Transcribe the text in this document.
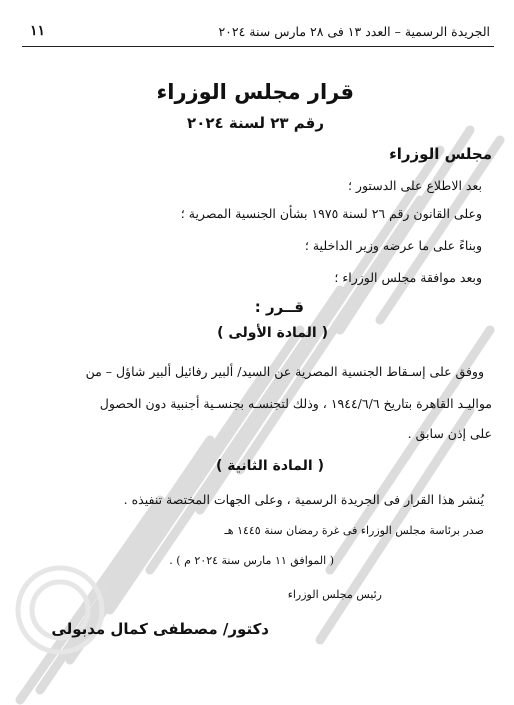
الجريدة الرسمية – العدد ١٣ فى ٢٨ مارس سنة ٢٠٢٤
١١
قرار مجلس الوزراء
رقم ٢٣ لسنة ٢٠٢٤
مجلس الوزراء
بعد الاطلاع على الدستور ؛
وعلى القانون رقم ٢٦ لسنة ١٩٧٥ بشأن الجنسية المصرية ؛
وبناءً على ما عرضه وزير الداخلية ؛
وبعد موافقة مجلس الوزراء ؛
قــرر :
( المادة الأولى )
ووفق على إسـقاط الجنسية المصرية عن السيد/ ألبير رفائيل ألبير شاؤل – من
مواليـد القاهرة بتاريخ ١٩٤٤/٦/٦ ، وذلك لتجنسـه بجنسـية أجنبية دون الحصول
على إذن سابق .
( المادة الثانية )
يُنشر هذا القرار فى الجريدة الرسمية ، وعلى الجهات المختصة تنفيذه .
صدر برئاسة مجلس الوزراء فى غرة رمضان سنة ١٤٤٥ هـ
( الموافق ١١ مارس سنة ٢٠٢٤ م ) .
رئيس مجلس الوزراء
دكتور/ مصطفى كمال مدبولى
